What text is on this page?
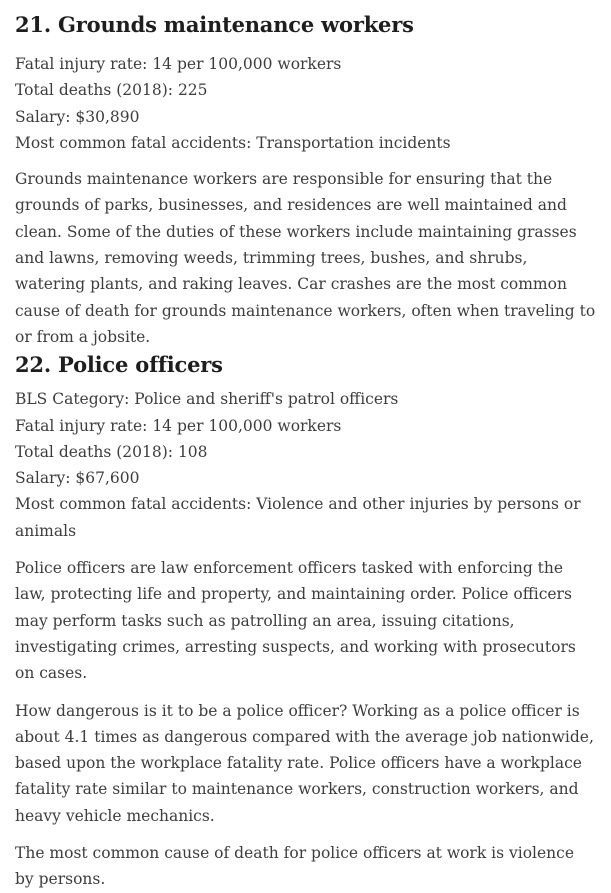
21. Grounds maintenance workers
Fatal injury rate: 14 per 100,000 workers
Total deaths (2018): 225
Salary: $30,890
Most common fatal accidents: Transportation incidents

Grounds maintenance workers are responsible for ensuring that the grounds of parks, businesses, and residences are well maintained and clean. Some of the duties of these workers include maintaining grasses and lawns, removing weeds, trimming trees, bushes, and shrubs, watering plants, and raking leaves. Car crashes are the most common cause of death for grounds maintenance workers, often when traveling to or from a jobsite.

22. Police officers
BLS Category: Police and sheriff's patrol officers
Fatal injury rate: 14 per 100,000 workers
Total deaths (2018): 108
Salary: $67,600
Most common fatal accidents: Violence and other injuries by persons or animals

Police officers are law enforcement officers tasked with enforcing the law, protecting life and property, and maintaining order. Police officers may perform tasks such as patrolling an area, issuing citations, investigating crimes, arresting suspects, and working with prosecutors on cases.

How dangerous is it to be a police officer? Working as a police officer is about 4.1 times as dangerous compared with the average job nationwide, based upon the workplace fatality rate. Police officers have a workplace fatality rate similar to maintenance workers, construction workers, and heavy vehicle mechanics.

The most common cause of death for police officers at work is violence by persons.
